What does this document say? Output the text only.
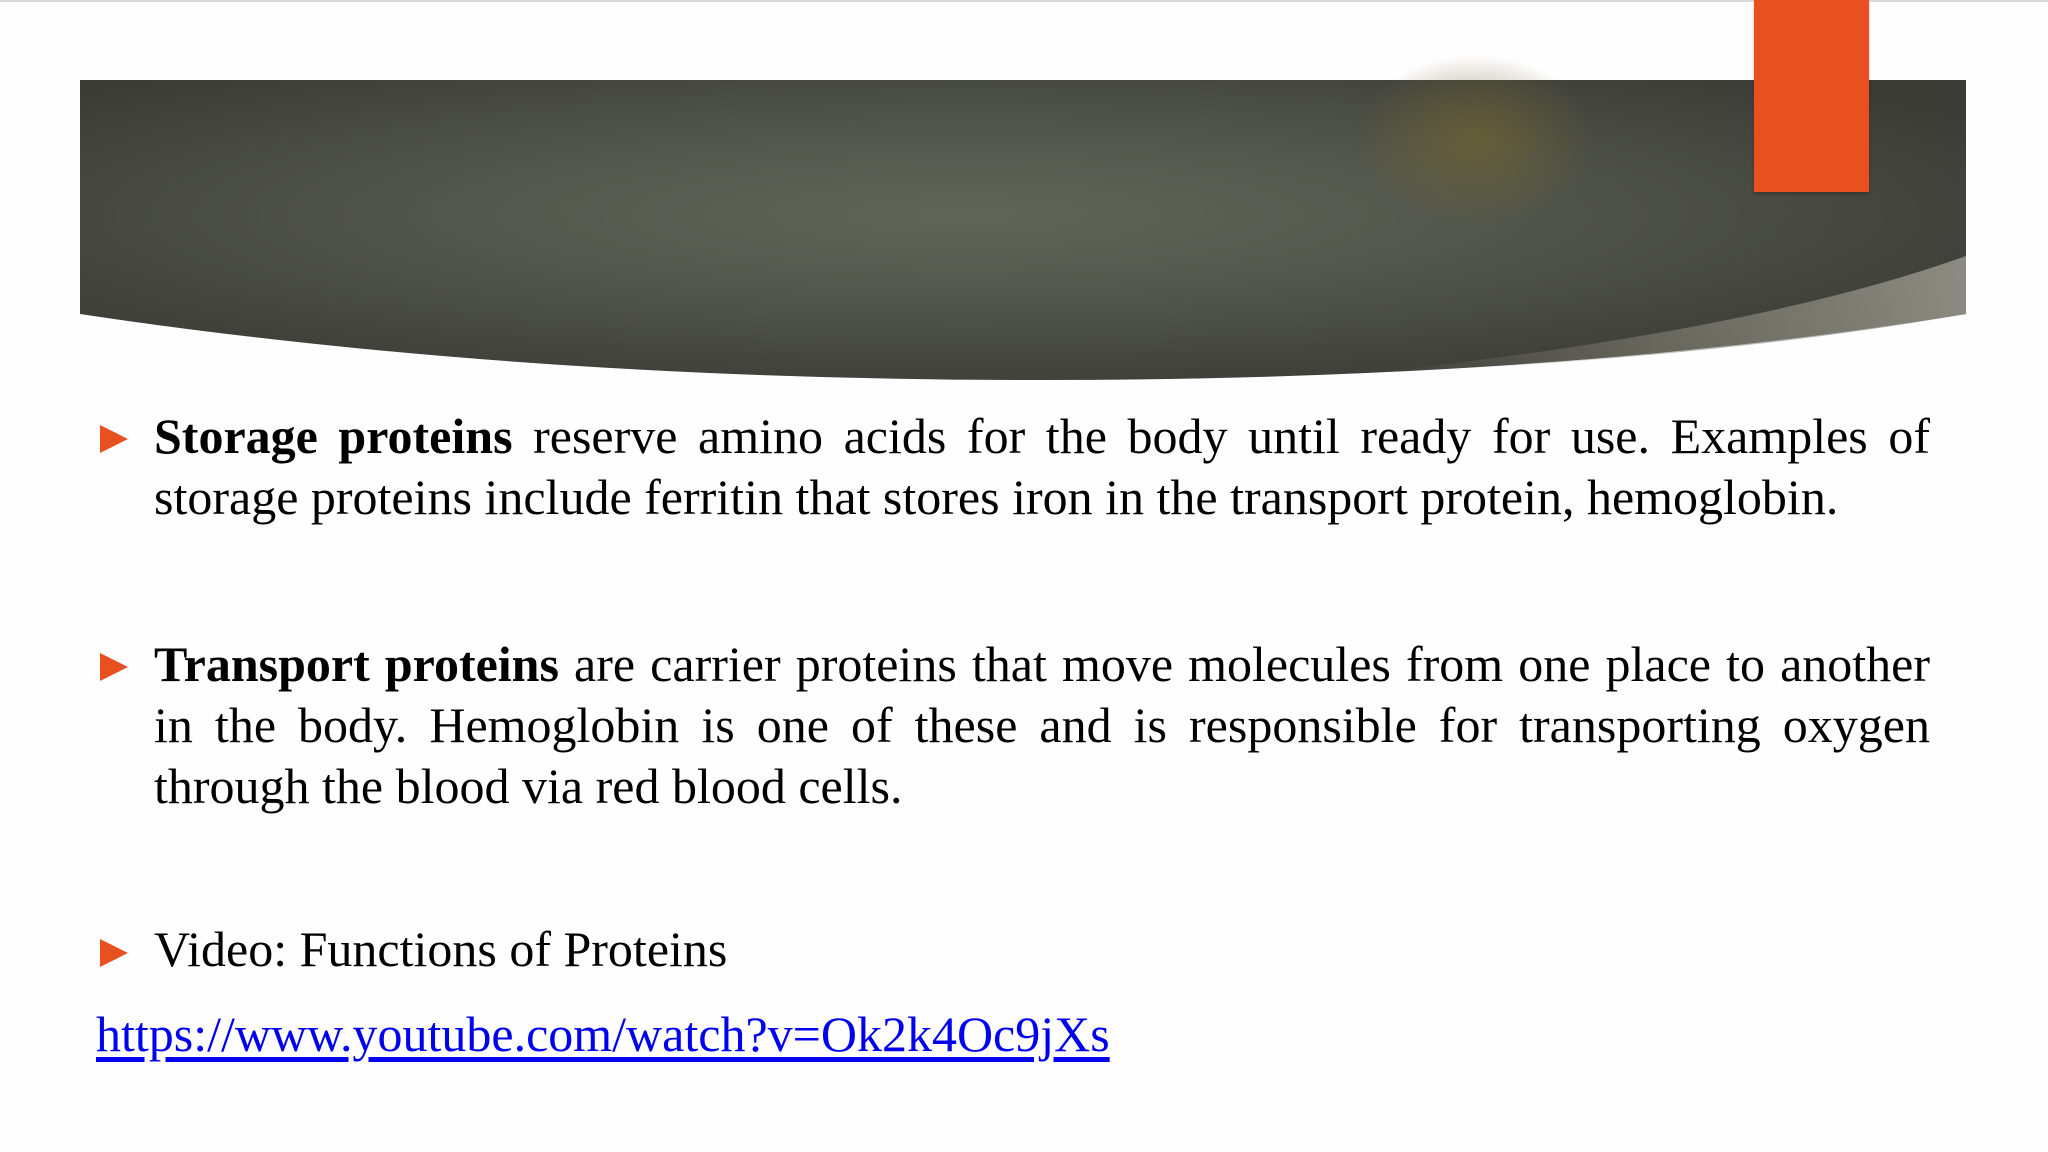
Storage proteins reserve amino acids for the body until ready for use. Examples of storage proteins include ferritin that stores iron in the transport protein, hemoglobin.
Transport proteins are carrier proteins that move molecules from one place to another in the body. Hemoglobin is one of these and is responsible for transporting oxygen through the blood via red blood cells.
Video: Functions of Proteins
https://www.youtube.com/watch?v=Ok2k4Oc9jXs
